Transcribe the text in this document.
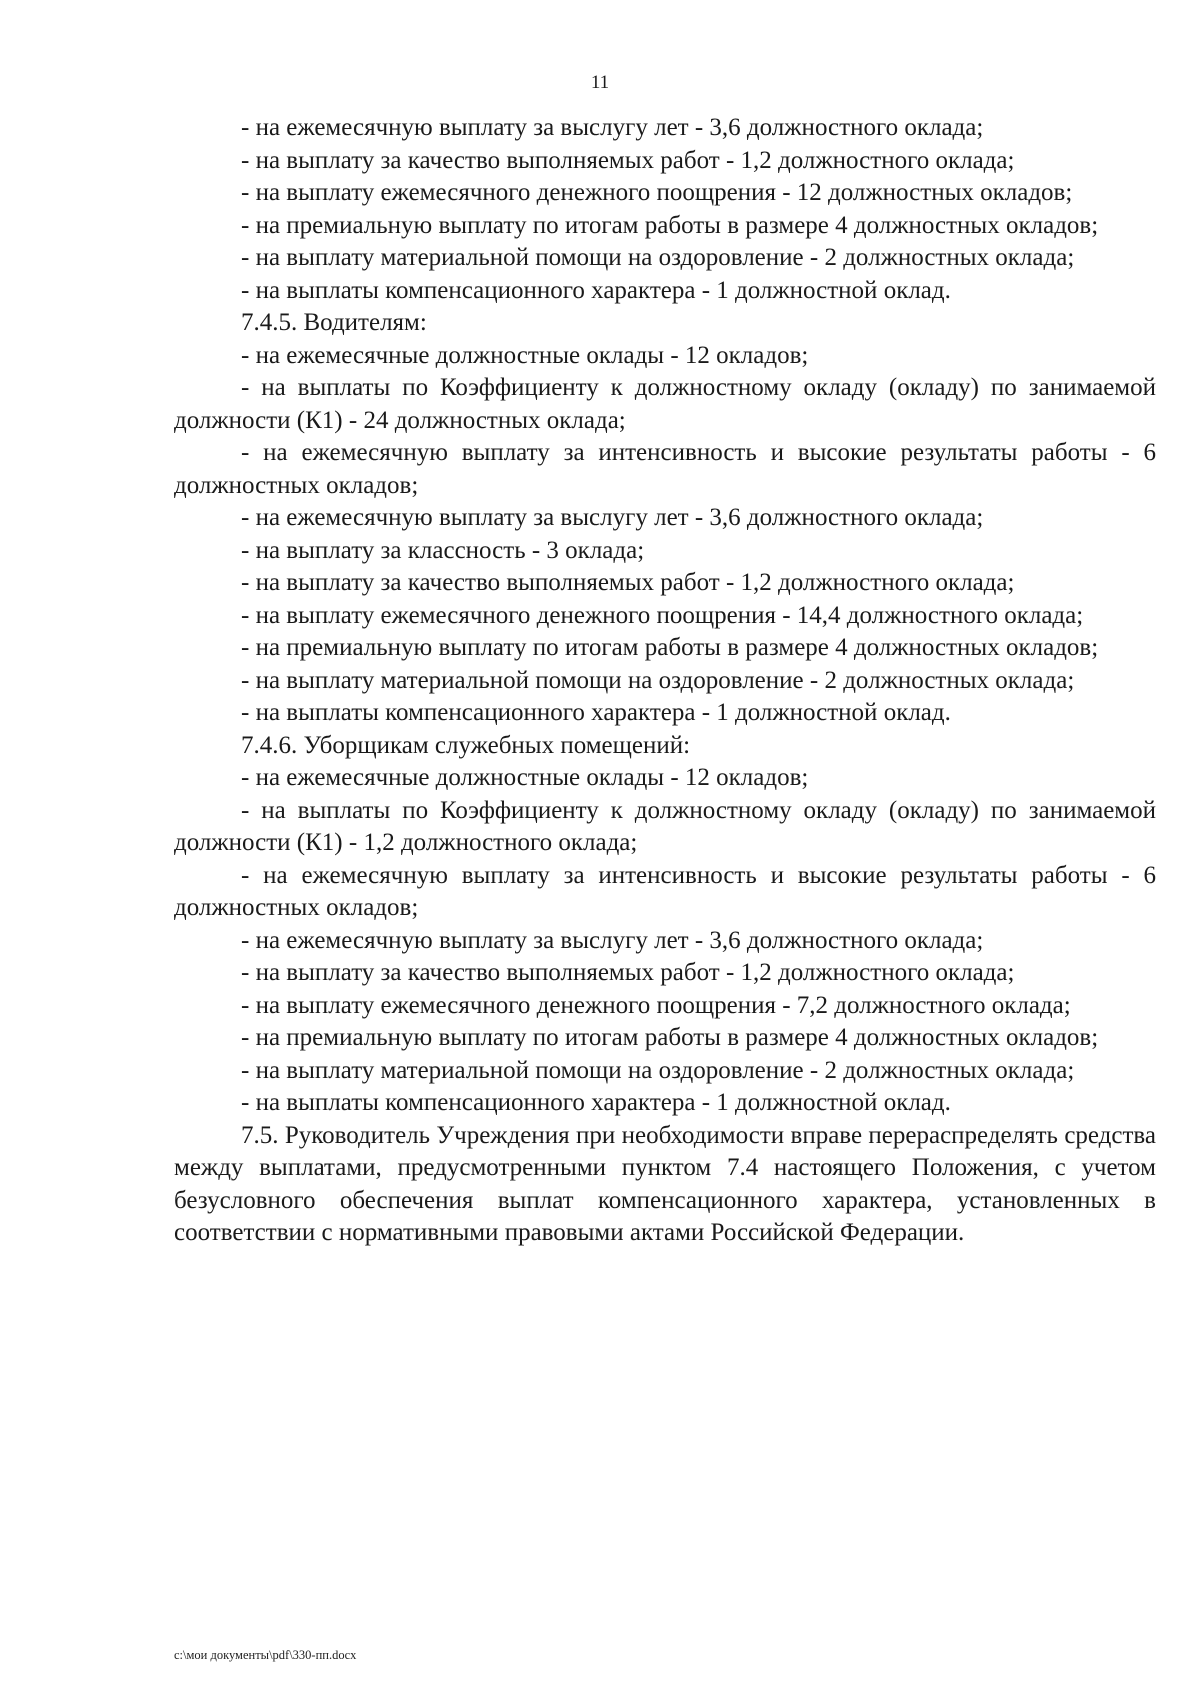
11

- на ежемесячную выплату за выслугу лет - 3,6 должностного оклада;

- на выплату за качество выполняемых работ - 1,2 должностного оклада;

- на выплату ежемесячного денежного поощрения - 12 должностных окладов;

- на премиальную выплату по итогам работы в размере 4 должностных окладов;

- на выплату материальной помощи на оздоровление - 2 должностных оклада;

- на выплаты компенсационного характера - 1 должностной оклад.

7.4.5. Водителям:

- на ежемесячные должностные оклады - 12 окладов;

- на выплаты по Коэффициенту к должностному окладу (окладу) по занимаемой должности (К1) - 24 должностных оклада;

- на ежемесячную выплату за интенсивность и высокие результаты работы - 6 должностных окладов;

- на ежемесячную выплату за выслугу лет - 3,6 должностного оклада;

- на выплату за классность - 3 оклада;

- на выплату за качество выполняемых работ - 1,2 должностного оклада;

- на выплату ежемесячного денежного поощрения - 14,4 должностного оклада;

- на премиальную выплату по итогам работы в размере 4 должностных окладов;

- на выплату материальной помощи на оздоровление - 2 должностных оклада;

- на выплаты компенсационного характера - 1 должностной оклад.

7.4.6. Уборщикам служебных помещений:

- на ежемесячные должностные оклады - 12 окладов;

- на выплаты по Коэффициенту к должностному окладу (окладу) по занимаемой должности (К1) - 1,2 должностного оклада;

- на ежемесячную выплату за интенсивность и высокие результаты работы - 6 должностных окладов;

- на ежемесячную выплату за выслугу лет - 3,6 должностного оклада;

- на выплату за качество выполняемых работ - 1,2 должностного оклада;

- на выплату ежемесячного денежного поощрения - 7,2 должностного оклада;

- на премиальную выплату по итогам работы в размере 4 должностных окладов;

- на выплату материальной помощи на оздоровление - 2 должностных оклада;

- на выплаты компенсационного характера - 1 должностной оклад.

7.5. Руководитель Учреждения при необходимости вправе перераспределять средства между выплатами, предусмотренными пунктом 7.4 настоящего Положения, с учетом безусловного обеспечения выплат компенсационного характера, установленных в соответствии с нормативными правовыми актами Российской Федерации.

c:\мои документы\pdf\330-пп.docx
